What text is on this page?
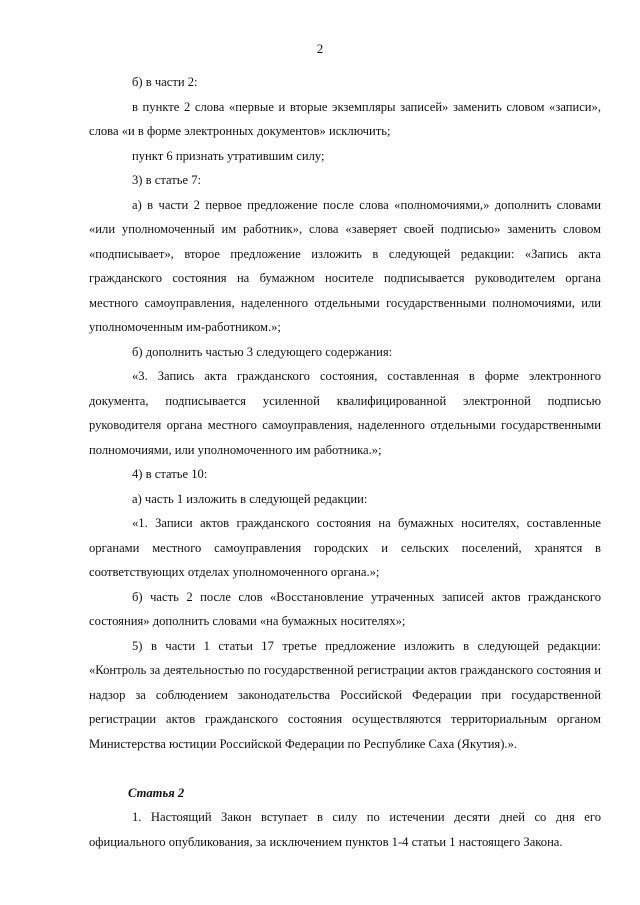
2

б) в части 2:

в пункте 2 слова «первые и вторые экземпляры записей» заменить словом «записи», слова «и в форме электронных документов» исключить;

пункт 6 признать утратившим силу;

3) в статье 7:

а) в части 2 первое предложение после слова «полномочиями,» дополнить словами «или уполномоченный им работник», слова «заверяет своей подписью» заменить словом «подписывает», второе предложение изложить в следующей редакции: «Запись акта гражданского состояния на бумажном носителе подписывается руководителем органа местного самоуправления, наделенного отдельными государственными полномочиями, или уполномоченным им-работником.»;

б) дополнить частью 3 следующего содержания:

«3. Запись акта гражданского состояния, составленная в форме электронного документа, подписывается усиленной квалифицированной электронной подписью руководителя органа местного самоуправления, наделенного отдельными государственными полномочиями, или уполномоченного им работника.»;

4) в статье 10:

а) часть 1 изложить в следующей редакции:

«1. Записи актов гражданского состояния на бумажных носителях, составленные органами местного самоуправления городских и сельских поселений, хранятся в соответствующих отделах уполномоченного органа.»;

б) часть 2 после слов «Восстановление утраченных записей актов гражданского состояния» дополнить словами «на бумажных носителях»;

5) в части 1 статьи 17 третье предложение изложить в следующей редакции:

«Контроль за деятельностью по государственной регистрации актов гражданского состояния и надзор за соблюдением законодательства Российской Федерации при государственной регистрации актов гражданского состояния осуществляются территориальным органом Министерства юстиции Российской Федерации по Республике Саха (Якутия).».

Статья 2

1. Настоящий Закон вступает в силу по истечении десяти дней со дня его официального опубликования, за исключением пунктов 1-4 статьи 1 настоящего Закона.
